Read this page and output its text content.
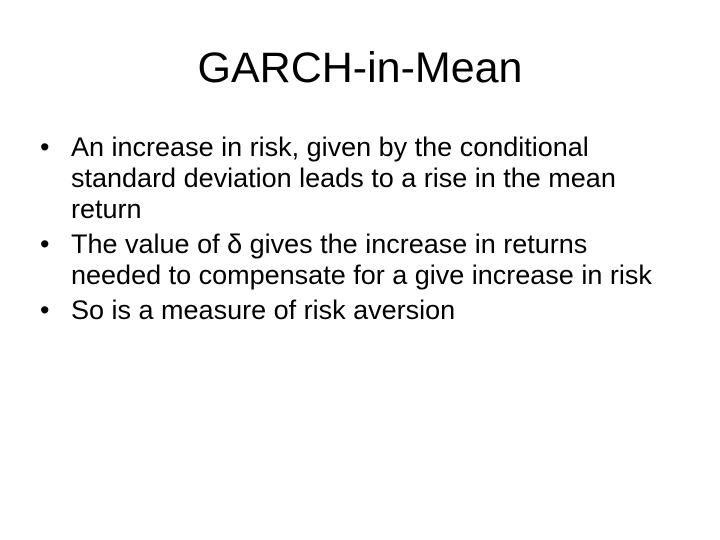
GARCH-in-Mean
• An increase in risk, given by the conditional standard deviation leads to a rise in the mean return
• The value of δ gives the increase in returns needed to compensate for a give increase in risk
• So is a measure of risk aversion
